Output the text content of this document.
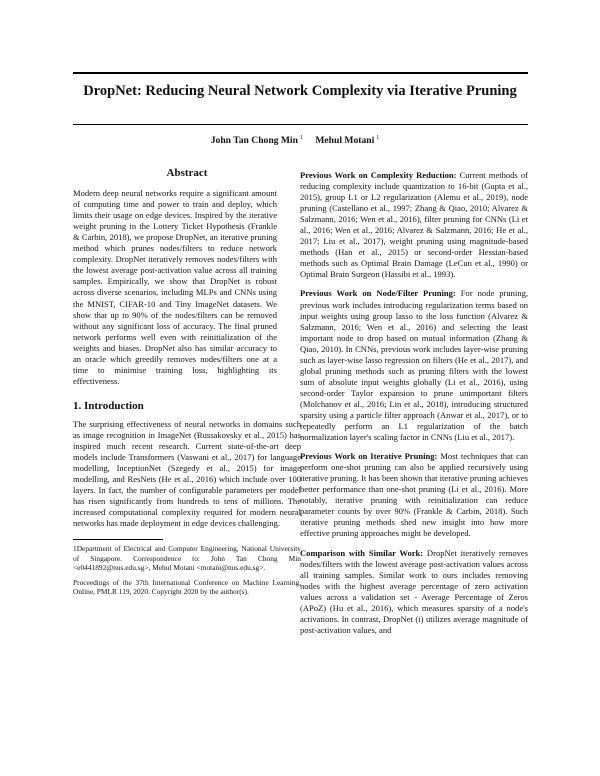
DropNet: Reducing Neural Network Complexity via Iterative Pruning
John Tan Chong Min $^1$ Mehul Motani $^1$
Abstract

Modern deep neural networks require a significant amount of computing time and power to train and deploy, which limits their usage on edge devices. Inspired by the iterative weight pruning in the Lottery Ticket Hypothesis (Frankle & Carbin, 2018), we propose DropNet, an iterative pruning method which prunes nodes/filters to reduce network complexity. DropNet iteratively removes nodes/filters with the lowest average post-activation value across all training samples. Empirically, we show that DropNet is robust across diverse scenarios, including MLPs and CNNs using the MNIST, CIFAR-10 and Tiny ImageNet datasets. We show that up to 90% of the nodes/filters can be removed without any significant loss of accuracy. The final pruned network performs well even with reinitialization of the weights and biases. DropNet also has similar accuracy to an oracle which greedily removes nodes/filters one at a time to minimise training loss, highlighting its effectiveness.

1. Introduction

The surprising effectiveness of neural networks in domains such as image recognition in ImageNet (Russakovsky et al., 2015) has inspired much recent research. Current state-of-the-art deep models include Transformers (Vaswani et al., 2017) for language modelling, InceptionNet (Szegedy et al., 2015) for image modelling, and ResNets (He et al., 2016) which include over 100 layers. In fact, the number of configurable parameters per model has risen significantly from hundreds to tens of millions. The increased computational complexity required for modern neural networks has made deployment in edge devices challenging.

1Department of Electrical and Computer Engineering, National University of Singapore. Correspondence to: John Tan Chong Min <e0441892@nus.edu.sg>, Mehul Motani <motani@nus.edu.sg>.

Proceedings of the 37th International Conference on Machine Learning, Online, PMLR 119, 2020. Copyright 2020 by the author(s).

Previous Work on Complexity Reduction: Current methods of reducing complexity include quantization to 16-bit (Gupta et al., 2015), group L1 or L2 regularization (Alemu et al., 2019), node pruning (Castellano et al., 1997; Zhang & Qiao, 2010; Alvarez & Salzmann, 2016; Wen et al., 2016), filter pruning for CNNs (Li et al., 2016; Wen et al., 2016; Alvarez & Salzmann, 2016; He et al., 2017; Liu et al., 2017), weight pruning using magnitude-based methods (Han et al., 2015) or second-order Hessian-based methods such as Optimal Brain Damage (LeCun et al., 1990) or Optimal Brain Surgeon (Hassibi et al., 1993).

Previous Work on Node/Filter Pruning: For node pruning, previous work includes introducing regularization terms based on input weights using group lasso to the loss function (Alvarez & Salzmann, 2016; Wen et al., 2016) and selecting the least important node to drop based on mutual information (Zhang & Qiao, 2010). In CNNs, previous work includes layer-wise pruning such as layer-wise lasso regression on filters (He et al., 2017), and global pruning methods such as pruning filters with the lowest sum of absolute input weights globally (Li et al., 2016), using second-order Taylor expansion to prune unimportant filters (Molchanov et al., 2016; Lin et al., 2018), introducing structured sparsity using a particle filter approach (Anwar et al., 2017), or to repeatedly perform an L1 regularization of the batch normalization layer's scaling factor in CNNs (Liu et al., 2017).

Previous Work on Iterative Pruning: Most techniques that can perform one-shot pruning can also be applied recursively using iterative pruning. It has been shown that iterative pruning achieves better performance than one-shot pruning (Li et al., 2016). More notably, iterative pruning with reinitialization can reduce parameter counts by over 90% (Frankle & Carbin, 2018). Such iterative pruning methods shed new insight into how more effective pruning approaches might be developed.

Comparison with Similar Work: DropNet iteratively removes nodes/filters with the lowest average post-activation values across all training samples. Similar work to ours includes removing nodes with the highest average percentage of zero activation values across a validation set - Average Percentage of Zeros (APoZ) (Hu et al., 2016), which measures sparsity of a node's activations. In contrast, DropNet (i) utilizes average magnitude of post-activation values, and
